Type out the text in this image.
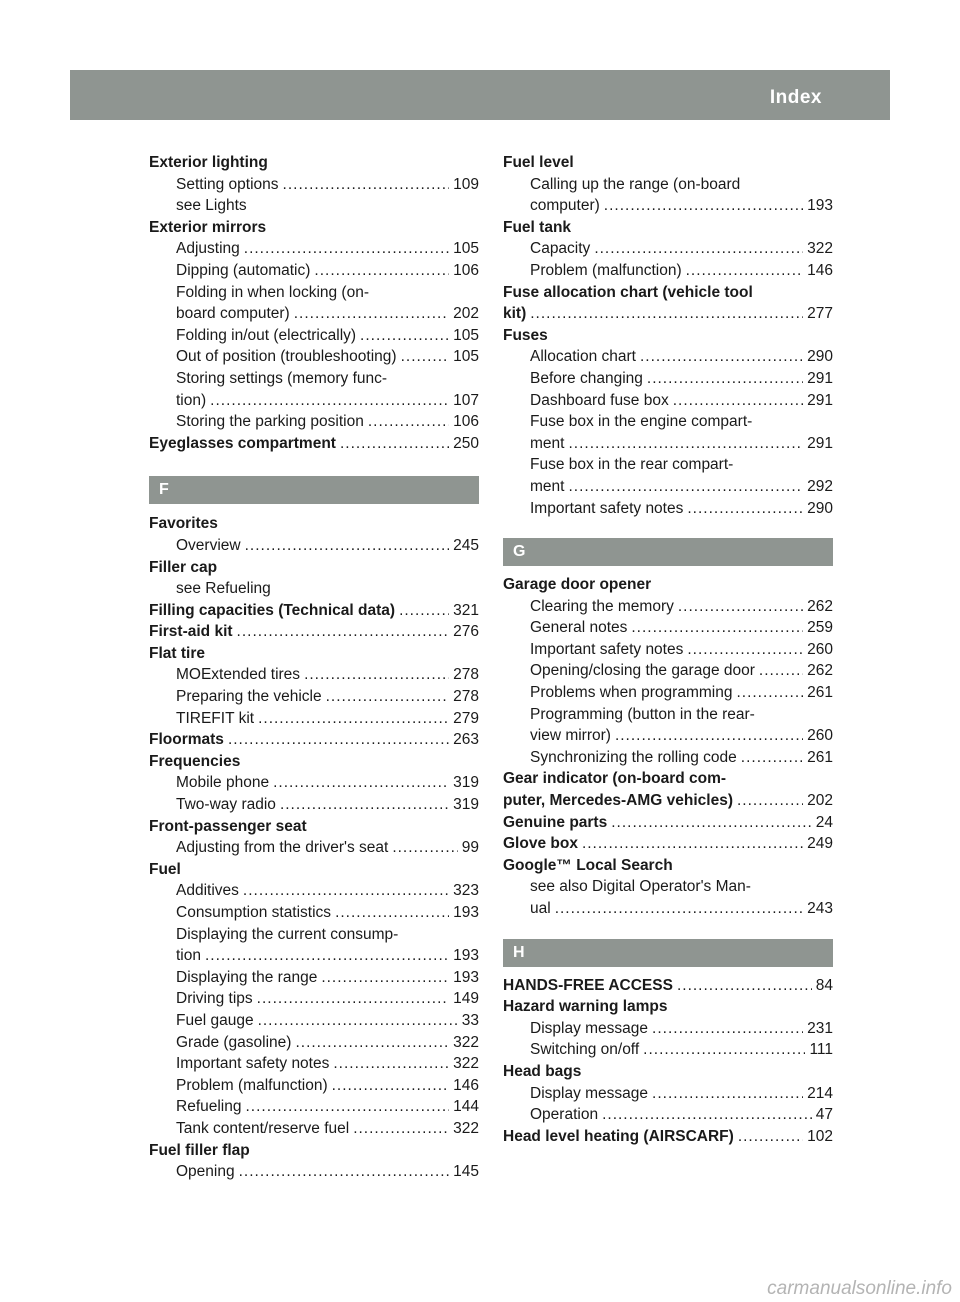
Index	11
Exterior lighting
Setting options .....	109
see Lights
Exterior mirrors
Adjusting .....	105
Dipping (automatic) .....	106
Folding in when locking (on-
board computer) .....	202
Folding in/out (electrically) .....	105
Out of position (troubleshooting) .....	105
Storing settings (memory func-
tion) .....	107
Storing the parking position .....	106
Eyeglasses compartment .....	250
F
Favorites
Overview .....	245
Filler cap
see Refueling
Filling capacities (Technical data) .....	321
First-aid kit .....	276
Flat tire
MOExtended tires .....	278
Preparing the vehicle .....	278
TIREFIT kit .....	279
Floormats .....	263
Frequencies
Mobile phone .....	319
Two-way radio .....	319
Front-passenger seat
Adjusting from the driver's seat .....	99
Fuel
Additives .....	323
Consumption statistics .....	193
Displaying the current consump-
tion .....	193
Displaying the range .....	193
Driving tips .....	149
Fuel gauge .....	33
Grade (gasoline) .....	322
Important safety notes .....	322
Problem (malfunction) .....	146
Refueling .....	144
Tank content/reserve fuel .....	322
Fuel filler flap
Opening .....	145
Fuel level
Calling up the range (on-board
computer) .....	193
Fuel tank
Capacity .....	322
Problem (malfunction) .....	146
Fuse allocation chart (vehicle tool
kit) .....	277
Fuses
Allocation chart .....	290
Before changing .....	291
Dashboard fuse box .....	291
Fuse box in the engine compart-
ment .....	291
Fuse box in the rear compart-
ment .....	292
Important safety notes .....	290
G
Garage door opener
Clearing the memory .....	262
General notes .....	259
Important safety notes .....	260
Opening/closing the garage door .....	262
Problems when programming .....	261
Programming (button in the rear-
view mirror) .....	260
Synchronizing the rolling code .....	261
Gear indicator (on-board com-
puter, Mercedes-AMG vehicles) .....	202
Genuine parts .....	24
Glove box .....	249
Google™ Local Search
see also Digital Operator's Man-
ual .....	243
H
HANDS-FREE ACCESS .....	84
Hazard warning lamps
Display message .....	231
Switching on/off .....	111
Head bags
Display message .....	214
Operation .....	47
Head level heating (AIRSCARF) .....	102
carmanualsonline.info
